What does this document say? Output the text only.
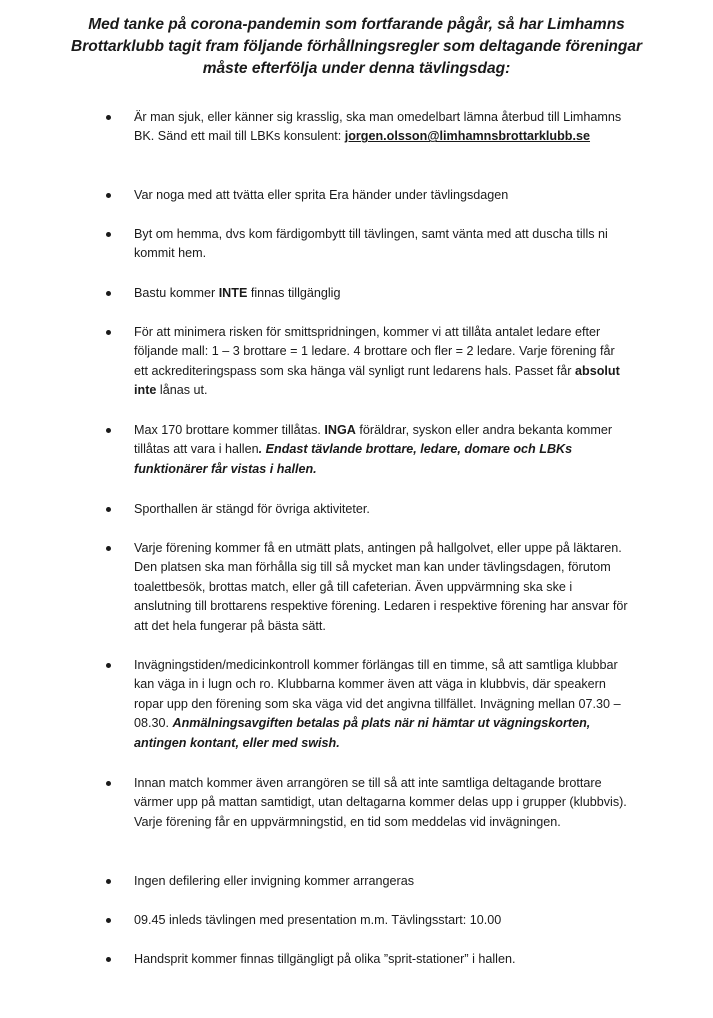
Med tanke på corona-pandemin som fortfarande pågår, så har Limhamns Brottarklubb tagit fram följande förhållningsregler som deltagande föreningar måste efterfölja under denna tävlingsdag:
Är man sjuk, eller känner sig krasslig, ska man omedelbart lämna återbud till Limhamns BK. Sänd ett mail till LBKs konsulent: jorgen.olsson@limhamnsbrottarklubb.se
Var noga med att tvätta eller sprita Era händer under tävlingsdagen
Byt om hemma, dvs kom färdigombytt till tävlingen, samt vänta med att duscha tills ni kommit hem.
Bastu kommer INTE finnas tillgänglig
För att minimera risken för smittspridningen, kommer vi att tillåta antalet ledare efter följande mall: 1 – 3 brottare = 1 ledare. 4 brottare och fler = 2 ledare. Varje förening får ett ackrediteringspass som ska hänga väl synligt runt ledarens hals. Passet får absolut inte lånas ut.
Max 170 brottare kommer tillåtas. INGA föräldrar, syskon eller andra bekanta kommer tillåtas att vara i hallen. Endast tävlande brottare, ledare, domare och LBKs funktionärer får vistas i hallen.
Sporthallen är stängd för övriga aktiviteter.
Varje förening kommer få en utmätt plats, antingen på hallgolvet, eller uppe på läktaren. Den platsen ska man förhålla sig till så mycket man kan under tävlingsdagen, förutom toalettbesök, brottas match, eller gå till cafeterian. Även uppvärmning ska ske i anslutning till brottarens respektive förening. Ledaren i respektive förening har ansvar för att det hela fungerar på bästa sätt.
Invägningstiden/medicinkontroll kommer förlängas till en timme, så att samtliga klubbar kan väga in i lugn och ro. Klubbarna kommer även att väga in klubbvis, där speakern ropar upp den förening som ska väga vid det angivna tillfället. Invägning mellan 07.30 – 08.30. Anmälningsavgiften betalas på plats när ni hämtar ut vägningskorten, antingen kontant, eller med swish.
Innan match kommer även arrangören se till så att inte samtliga deltagande brottare värmer upp på mattan samtidigt, utan deltagarna kommer delas upp i grupper (klubbvis). Varje förening får en uppvärmningstid, en tid som meddelas vid invägningen.
Ingen defilering eller invigning kommer arrangeras
09.45 inleds tävlingen med presentation m.m. Tävlingsstart: 10.00
Handsprit kommer finnas tillgängligt på olika ”sprit-stationer” i hallen.
